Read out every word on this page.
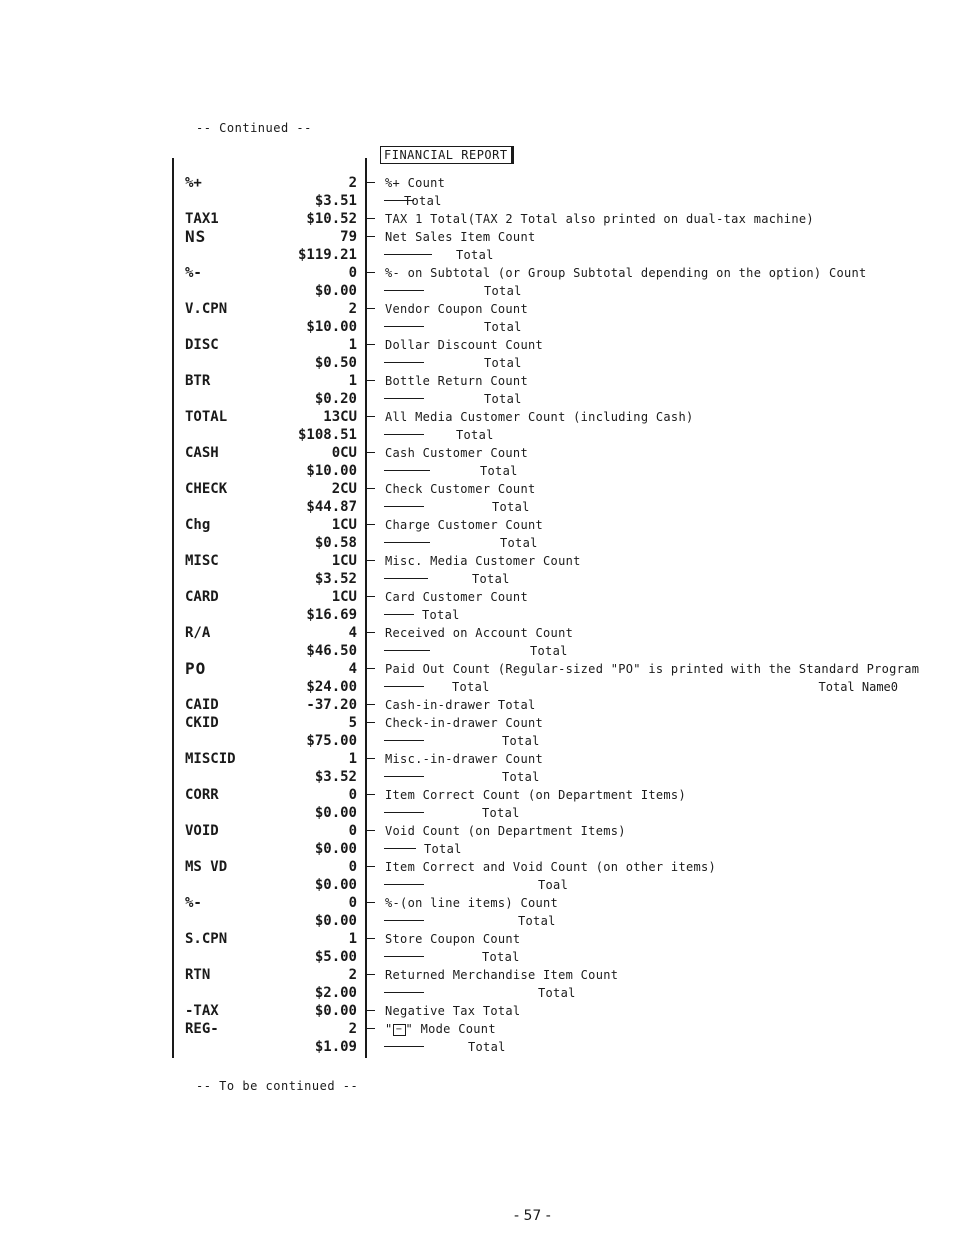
-- Continued --
FINANCIAL REPORT
%+	2 %+ Count
$3.51	Total
TAX1	$10.52 TAX 1 Total(TAX 2 Total also printed on dual-tax machine)
NS	79 Net Sales Item Count
$119.21	Total
%-	0 %- on Subtotal (or Group Subtotal depending on the option) Count
$0.00	Total
V.CPN	2 Vendor Coupon Count
$10.00	Total
DISC	1 Dollar Discount Count
$0.50	Total
BTR	1 Bottle Return Count
$0.20	Total
TOTAL	13CU All Media Customer Count (including Cash)
$108.51	Total
CASH	0CU Cash Customer Count
$10.00	Total
CHECK	2CU Check Customer Count
$44.87	Total
Chg	1CU Charge Customer Count
$0.58	Total
MISC	1CU Misc. Media Customer Count
$3.52	Total
CARD	1CU Card Customer Count
$16.69	Total
R/A	4 Received on Account Count
$46.50	Total
PO	4 Paid Out Count (Regular-sized "PO" is printed with the Standard Program
$24.00	Total	Total Name0
CAID	-37.20 Cash-in-drawer Total
CKID	5 Check-in-drawer Count
$75.00	Total
MISCID	1 Misc.-in-drawer Count
$3.52	Total
CORR	0 Item Correct Count (on Department Items)
$0.00	Total
VOID	0 Void Count (on Department Items)
$0.00	Total
MS VD	0 Item Correct and Void Count (on other items)
$0.00	Toal
%-	0 %-(on line items) Count
$0.00	Total
S.CPN	1 Store Coupon Count
$5.00	Total
RTN	2 Returned Merchandise Item Count
$2.00	Total
-TAX	$0.00 Negative Tax Total
REG-	2 " − " Mode Count
$1.09	Total
-- To be continued --
- 57 -
